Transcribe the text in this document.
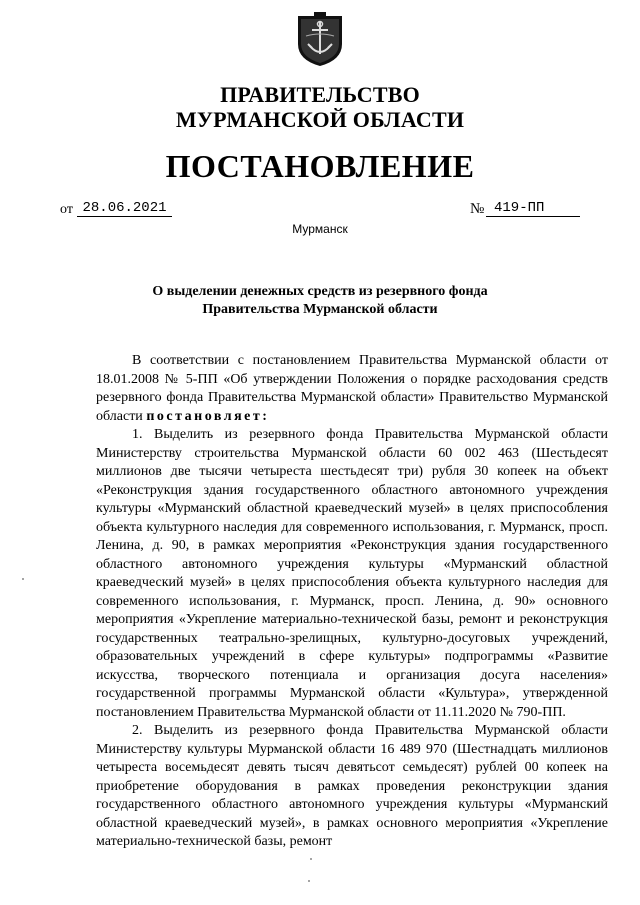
ПРАВИТЕЛЬСТВО
МУРМАНСКОЙ ОБЛАСТИ
ПОСТАНОВЛЕНИЕ
от 28.06.2021	№ 419-ПП
Мурманск
О выделении денежных средств из резервного фонда
Правительства Мурманской области

В соответствии с постановлением Правительства Мурманской области от 18.01.2008 № 5-ПП «Об утверждении Положения о порядке расходования средств резервного фонда Правительства Мурманской области» Правительство Мурманской области постановляет:

1. Выделить из резервного фонда Правительства Мурманской области Министерству строительства Мурманской области 60 002 463 (Шестьдесят миллионов две тысячи четыреста шестьдесят три) рубля 30 копеек на объект «Реконструкция здания государственного областного автономного учреждения культуры «Мурманский областной краеведческий музей» в целях приспособления объекта культурного наследия для современного использования, г. Мурманск, просп. Ленина, д. 90, в рамках мероприятия «Реконструкция здания государственного областного автономного учреждения культуры «Мурманский областной краеведческий музей» в целях приспособления объекта культурного наследия для современного использования, г. Мурманск, просп. Ленина, д. 90» основного мероприятия «Укрепление материально-технической базы, ремонт и реконструкция государственных театрально-зрелищных, культурно-досуговых учреждений, образовательных учреждений в сфере культуры» подпрограммы «Развитие искусства, творческого потенциала и организация досуга населения» государственной программы Мурманской области «Культура», утвержденной постановлением Правительства Мурманской области от 11.11.2020 № 790-ПП.

2. Выделить из резервного фонда Правительства Мурманской области Министерству культуры Мурманской области 16 489 970 (Шестнадцать миллионов четыреста восемьдесят девять тысяч девятьсот семьдесят) рублей 00 копеек на приобретение оборудования в рамках проведения реконструкции здания государственного областного автономного учреждения культуры «Мурманский областной краеведческий музей», в рамках основного мероприятия «Укрепление материально-технической базы, ремонт
